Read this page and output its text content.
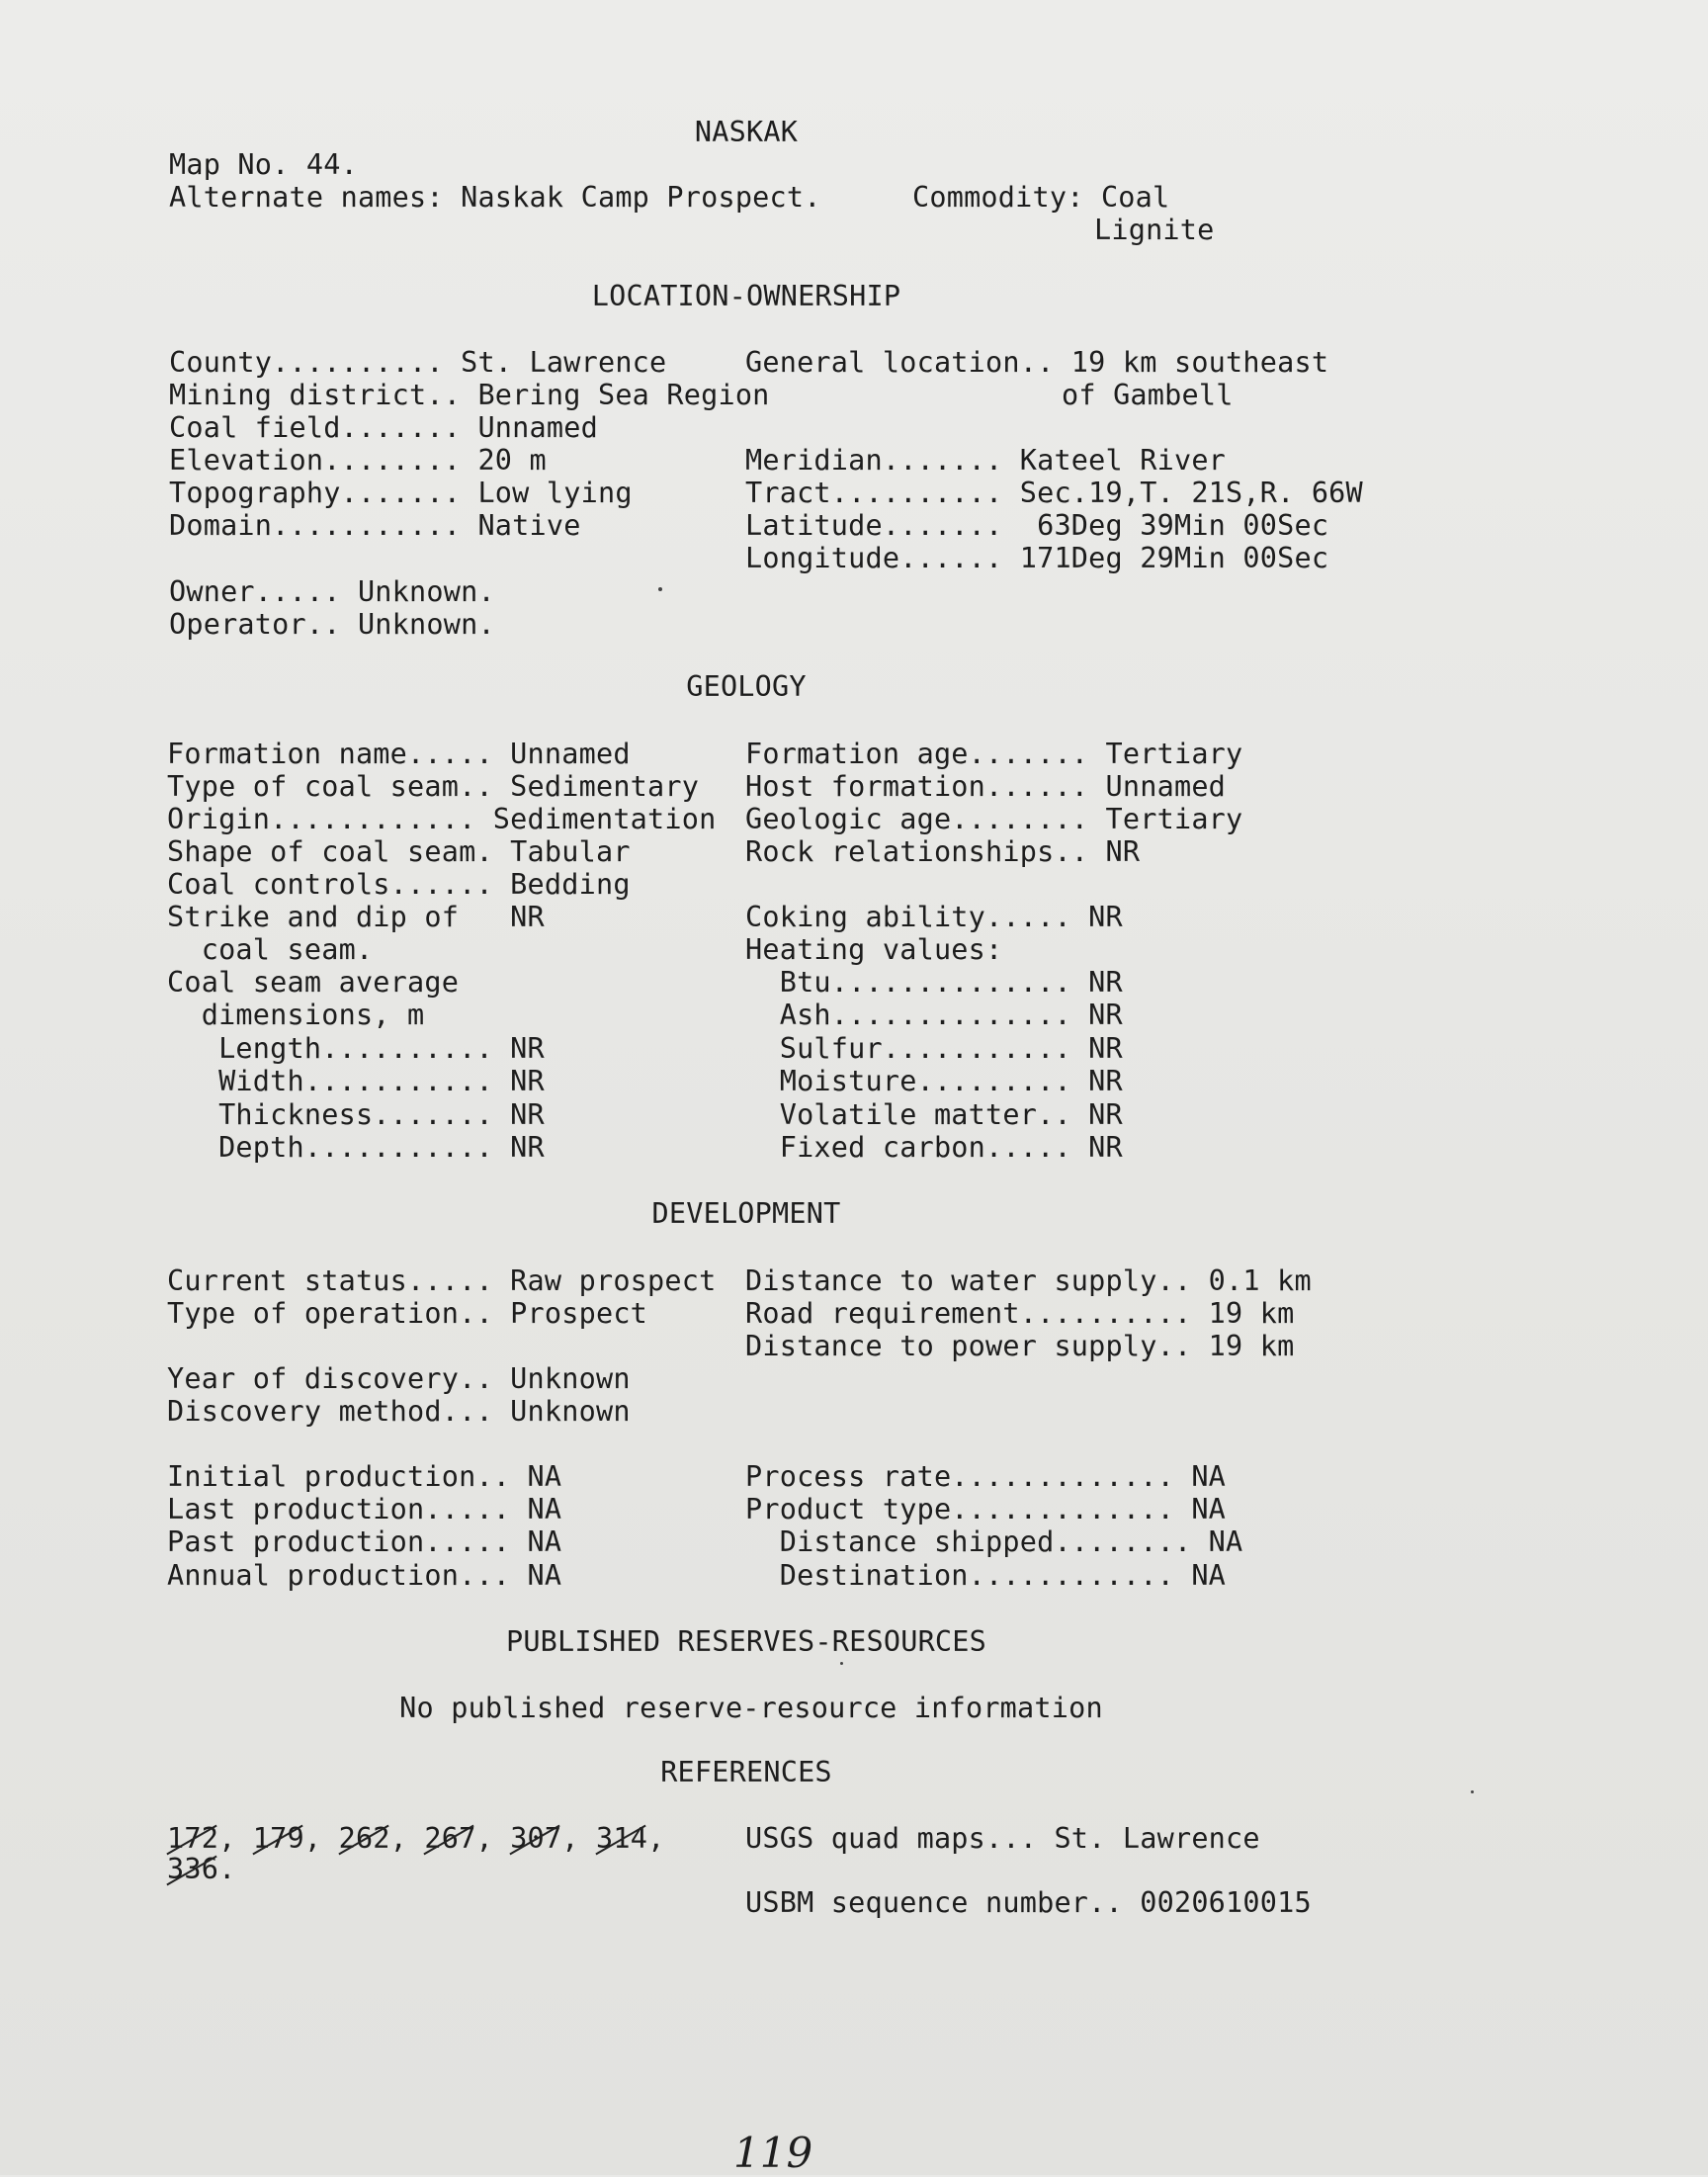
NASKAK
Map No. 44.
Alternate names: Naskak Camp Prospect.	Commodity: Coal
Lignite
LOCATION-OWNERSHIP
County.......... St. Lawrence
Mining district.. Bering Sea Region
Coal field....... Unnamed
Elevation........ 20 m
Topography....... Low lying
Domain........... Native
General location.. 19 km southeast
of Gambell
Meridian....... Kateel River
Tract.......... Sec.19,T. 21S,R. 66W
Latitude.......  63Deg 39Min 00Sec
Longitude...... 171Deg 29Min 00Sec
Owner..... Unknown.
Operator.. Unknown.
GEOLOGY
Formation name..... Unnamed
Type of coal seam.. Sedimentary
Origin............ Sedimentation
Shape of coal seam. Tabular
Coal controls...... Bedding
Strike and dip of   NR
coal seam.
Coal seam average
dimensions, m
Length.......... NR
Width........... NR
Thickness....... NR
Depth........... NR
Formation age....... Tertiary
Host formation...... Unnamed
Geologic age........ Tertiary
Rock relationships.. NR
Coking ability..... NR
Heating values:
Btu.............. NR
Ash.............. NR
Sulfur........... NR
Moisture......... NR
Volatile matter.. NR
Fixed carbon..... NR
DEVELOPMENT
Current status..... Raw prospect
Type of operation.. Prospect
Year of discovery.. Unknown
Discovery method... Unknown
Distance to water supply.. 0.1 km
Road requirement.......... 19 km
Distance to power supply.. 19 km
Initial production.. NA
Last production..... NA
Past production..... NA
Annual production... NA
Process rate............. NA
Product type............. NA
Distance shipped........ NA
Destination............ NA
PUBLISHED RESERVES-RESOURCES
No published reserve-resource information
REFERENCES
172, 179, 262, 267, 307, 314,
336.
USGS quad maps... St. Lawrence
USBM sequence number.. 0020610015
119
